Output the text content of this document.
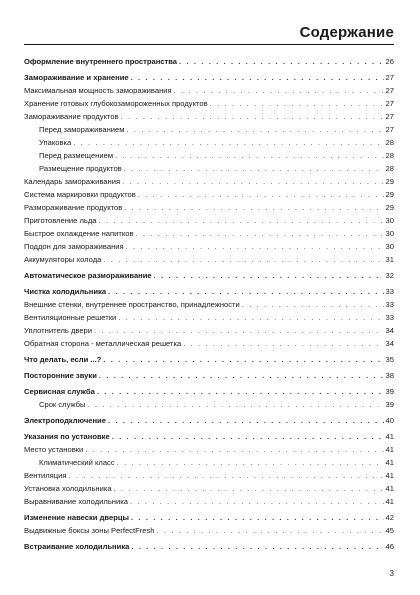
Содержание
Оформление внутреннего пространства . . .	26
Замораживание и хранение . . .	27
Максимальная мощность замораживания . . .	27
Хранение готовых глубокозамороженных продуктов . . .	27
Замораживание продуктов . . .	27
Перед замораживанием . . .	27
Упаковка . . .	28
Перед размещением . . .	28
Размещение продуктов . . .	28
Календарь замораживания . . .	29
Система маркировки продуктов . . .	29
Размораживание продуктов . . .	29
Приготовление льда . . .	30
Быстрое охлаждение напитков . . .	30
Поддон для замораживания . . .	30
Аккумуляторы холода . . .	31
Автоматическое размораживание . . .	32
Чистка холодильника . . .	33
Внешние стенки, внутреннее пространство, принадлежности . . .	33
Вентиляционные решетки . . .	33
Уплотнитель двери . . .	34
Обратная сторона - металлическая решетка . . .	34
Что делать, если ...? . . .	35
Посторонние звуки . . .	38
Сервисная служба . . .	39
Срок службы . . .	39
Электроподключение . . .	40
Указания по установке . . .	41
Место установки . . .	41
Климатический класс . . .	41
Вентиляция . . .	41
Установка холодильника . . .	41
Выравнивание холодильника . . .	41
Изменение навески дверцы . . .	42
Выдвижные боксы зоны PerfectFresh . . .	45
Встраивание холодильника . . .	46
3
